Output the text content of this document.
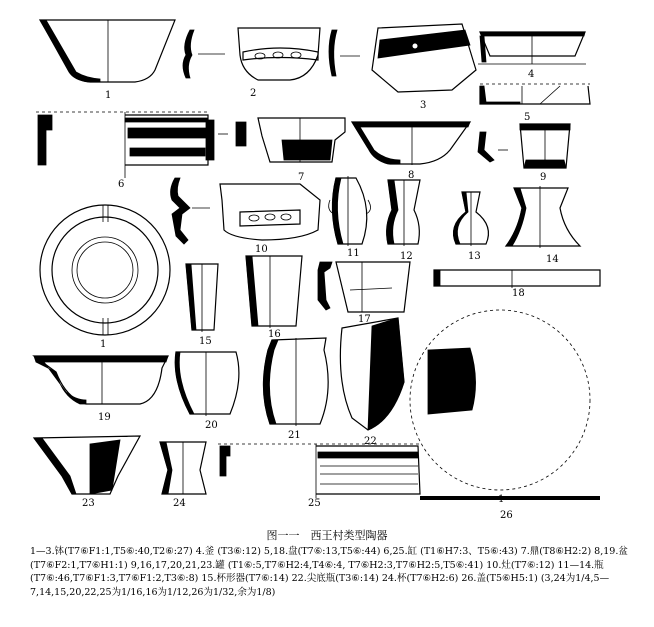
1	2
3
4
5
6
7	8	9
10	11	12	13	14
1	15
16
17
18
22
19
20
21
23	24	25
26
图一一　西王村类型陶器
1—3.钵(T7⑥F1:1,T5⑥:40,T2⑥:27) 4.釜 (T3⑥:12) 5,18.盘(T7⑥:13,T5⑥:44) 6,25.缸 (T1⑥H7:3、T5⑥:43) 7.鼎(T8⑥H2:2) 8,19.盆(T7⑥F2:1,T7⑥H1:1) 9,16,17,20,21,23.罐 (T1⑥:5,T7⑥H2:4,T4⑥:4, T7⑥H2:3,T7⑥H2:5,T5⑥:41) 10.灶(T7⑥:12) 11—14.瓶 (T7⑥:46,T7⑥F1:3,T7⑥F1:2,T3⑥:8) 15.杯形器(T7⑥:14) 22.尖底瓶(T3⑥:14) 24.杯(T7⑥H2:6) 26.盖(T5⑥H5:1) (3,24为1/4,5—7,14,15,20,22,25为1/16,16为1/12,26为1/32,余为1/8)
